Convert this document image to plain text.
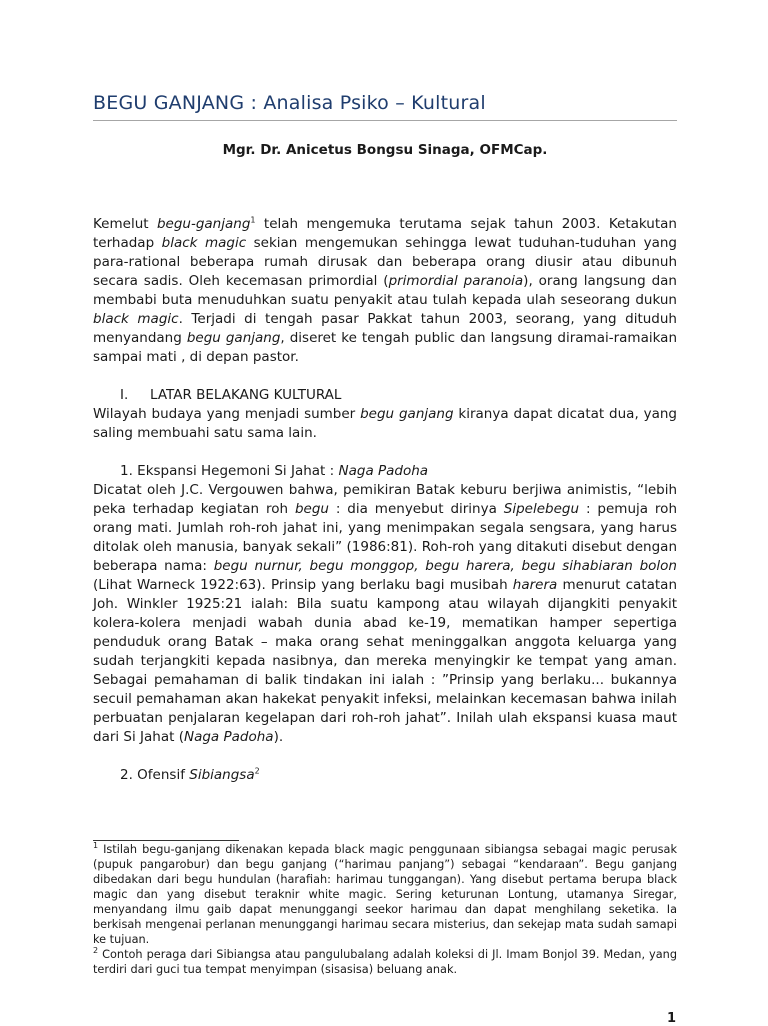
BEGU GANJANG : Analisa Psiko – Kultural
Mgr. Dr. Anicetus Bongsu Sinaga, OFMCap.

Kemelut begu-ganjang$^1$ telah mengemuka terutama sejak tahun 2003. Ketakutan terhadap black magic sekian mengemukan sehingga lewat tuduhan-tuduhan yang para-rational beberapa rumah dirusak dan beberapa orang diusir atau dibunuh secara sadis. Oleh kecemasan primordial (primordial paranoia), orang langsung dan membabi buta menuduhkan suatu penyakit atau tulah kepada ulah seseorang dukun black magic. Terjadi di tengah pasar Pakkat tahun 2003, seorang, yang dituduh menyandang begu ganjang, diseret ke tengah public dan langsung diramai-ramaikan sampai mati , di depan pastor.

I.	LATAR BELAKANG KULTURAL

Wilayah budaya yang menjadi sumber begu ganjang kiranya dapat dicatat dua, yang saling membuahi satu sama lain.

1. Ekspansi Hegemoni Si Jahat : Naga Padoha

Dicatat oleh J.C. Vergouwen bahwa, pemikiran Batak keburu berjiwa animistis, “lebih peka terhadap kegiatan roh begu : dia menyebut dirinya Sipelebegu : pemuja roh orang mati. Jumlah roh-roh jahat ini, yang menimpakan segala sengsara, yang harus ditolak oleh manusia, banyak sekali” (1986:81). Roh-roh yang ditakuti disebut dengan beberapa nama: begu nurnur, begu monggop, begu harera, begu sihabiaran bolon (Lihat Warneck 1922:63). Prinsip yang berlaku bagi musibah harera menurut catatan Joh. Winkler 1925:21 ialah: Bila suatu kampong atau wilayah dijangkiti penyakit kolera-kolera menjadi wabah dunia abad ke-19, mematikan hamper sepertiga penduduk orang Batak – maka orang sehat meninggalkan anggota keluarga yang sudah terjangkiti kepada nasibnya, dan mereka menyingkir ke tempat yang aman. Sebagai pemahaman di balik tindakan ini ialah : ”Prinsip yang berlaku... bukannya secuil pemahaman akan hakekat penyakit infeksi, melainkan kecemasan bahwa inilah perbuatan penjalaran kegelapan dari roh-roh jahat”. Inilah ulah ekspansi kuasa maut dari Si Jahat (Naga Padoha).

2. Ofensif Sibiangsa$^2$

$^1$ Istilah begu-ganjang dikenakan kepada black magic penggunaan sibiangsa sebagai magic perusak (pupuk pangarobur) dan begu ganjang (“harimau panjang”) sebagai “kendaraan”. Begu ganjang dibedakan dari begu hundulan (harafiah: harimau tunggangan). Yang disebut pertama berupa black magic dan yang disebut teraknir white magic. Sering keturunan Lontung, utamanya Siregar, menyandang ilmu gaib dapat menunggangi seekor harimau dan dapat menghilang seketika. Ia berkisah mengenai perlanan menunggangi harimau secara misterius, dan sekejap mata sudah samapi ke tujuan.

$^2$ Contoh peraga dari Sibiangsa atau pangulubalang adalah koleksi di Jl. Imam Bonjol 39. Medan, yang terdiri dari guci tua tempat menyimpan (sisasisa) beluang anak.

1
